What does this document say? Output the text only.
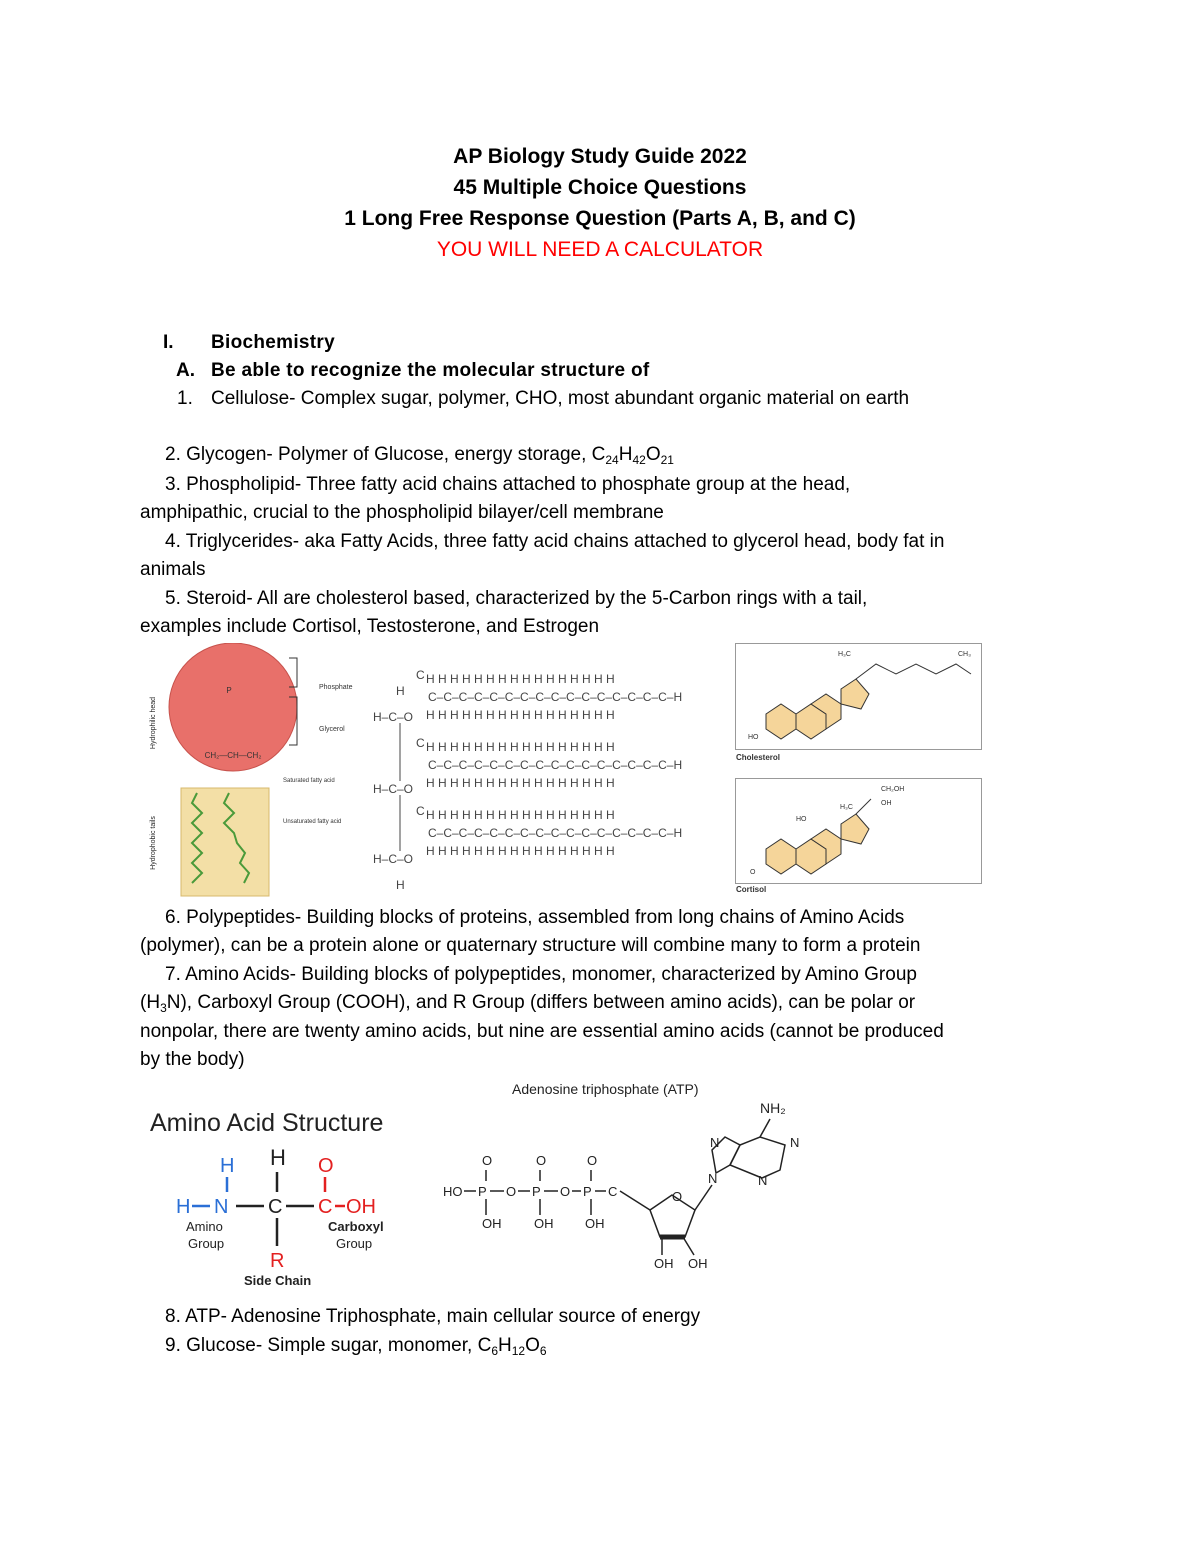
AP Biology Study Guide 2022
45 Multiple Choice Questions
1 Long Free Response Question (Parts A, B, and C)
YOU WILL NEED A CALCULATOR
I. Biochemistry
A. Be able to recognize the molecular structure of
1. Cellulose- Complex sugar, polymer, CHO, most abundant organic material on earth
2. Glycogen- Polymer of Glucose, energy storage, $C_{24}H_{42}O_{21}$
3. Phospholipid- Three fatty acid chains attached to phosphate group at the head,
amphipathic, crucial to the phospholipid bilayer/cell membrane
4. Triglycerides- aka Fatty Acids, three fatty acid chains attached to glycerol head, body fat in
animals
5. Steroid- All are cholesterol based, characterized by the 5-Carbon rings with a tail,
examples include Cortisol, Testosterone, and Estrogen
Hydrophilic head
Hydrophobic tails
P
CH₂—CH—CH₂
Phosphate
Glycerol
Saturated fatty acid
Unsaturated fatty acid
H H H H H H H H H H H H H H H H
C–C–C–C–C–C–C–C–C–C–C–C–C–C–C–C–H
H H H H H H H H H H H H H H H H
H H H H H H H H H H H H H H H H
C–C–C–C–C–C–C–C–C–C–C–C–C–C–C–C–H
H H H H H H H H H H H H H H H H
H H H H H H H H H H H H H H H H
C–C–C–C–C–C–C–C–C–C–C–C–C–C–C–C–H
H H H H H H H H H H H H H H H H
H–C–O
H–C–O
H–C–O
C
C
C
H
H
HO
CH₃
H₃C
Cholesterol
O
HO
OH
CH₂OH
H₃C
Cortisol
6. Polypeptides- Building blocks of proteins, assembled from long chains of Amino Acids
(polymer), can be a protein alone or quaternary structure will combine many to form a protein
7. Amino Acids- Building blocks of polypeptides, monomer, characterized by Amino Group
$(H_3N)$, Carboxyl Group (COOH), and R Group (differs between amino acids), can be polar or
nonpolar, there are twenty amino acids, but nine are essential amino acids (cannot be produced
by the body)
Amino Acid Structure
H
H
H N C C
O
OH
R
Amino
Group
Carboxyl
Group
Side Chain
Adenosine triphosphate (ATP)
NH₂
HO P O P O P C
O	O	O
OH	OH OH
OH OH
O
N
N	N
N
8. ATP- Adenosine Triphosphate, main cellular source of energy
9. Glucose- Simple sugar, monomer, $C_6H_{12}O_6$
